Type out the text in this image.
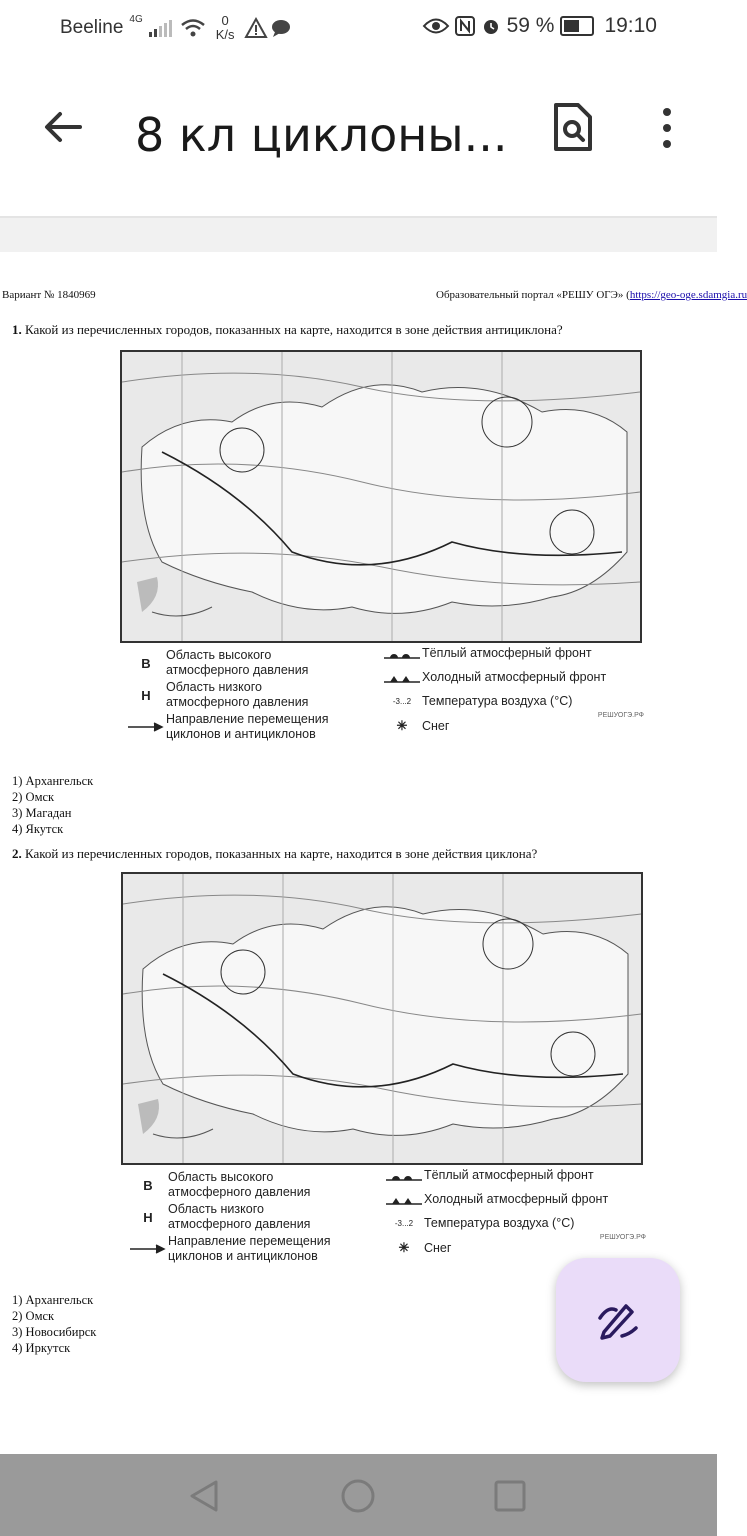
Beeline 4G	0
K/s	59 % 19:10
8 кл циклоны...
Вариант № 1840969	Образовательный портал «РЕШУ ОГЭ» (https://geo-oge.sdamgia.ru
1. Какой из перечисленных городов, показанных на карте, находится в зоне действия антициклона?
В
Область высокого атмосферного давления
Н
Область низкого атмосферного давления
Направление перемещения циклонов и антициклонов
Тёплый атмосферный фронт
Холодный атмосферный фронт
-3...2 Температура воздуха (°С)
✳	Снег
РЕШУОГЭ.РФ
1) Архангельск
2) Омск
3) Магадан
4) Якутск
2. Какой из перечисленных городов, показанных на карте, находится в зоне действия циклона?
В
Область высокого атмосферного давления
Н
Область низкого атмосферного давления
Направление перемещения циклонов и антициклонов
Тёплый атмосферный фронт
Холодный атмосферный фронт
-3...2 Температура воздуха (°С)
✳	Снег
РЕШУОГЭ.РФ
1) Архангельск
2) Омск
3) Новосибирск
4) Иркутск
